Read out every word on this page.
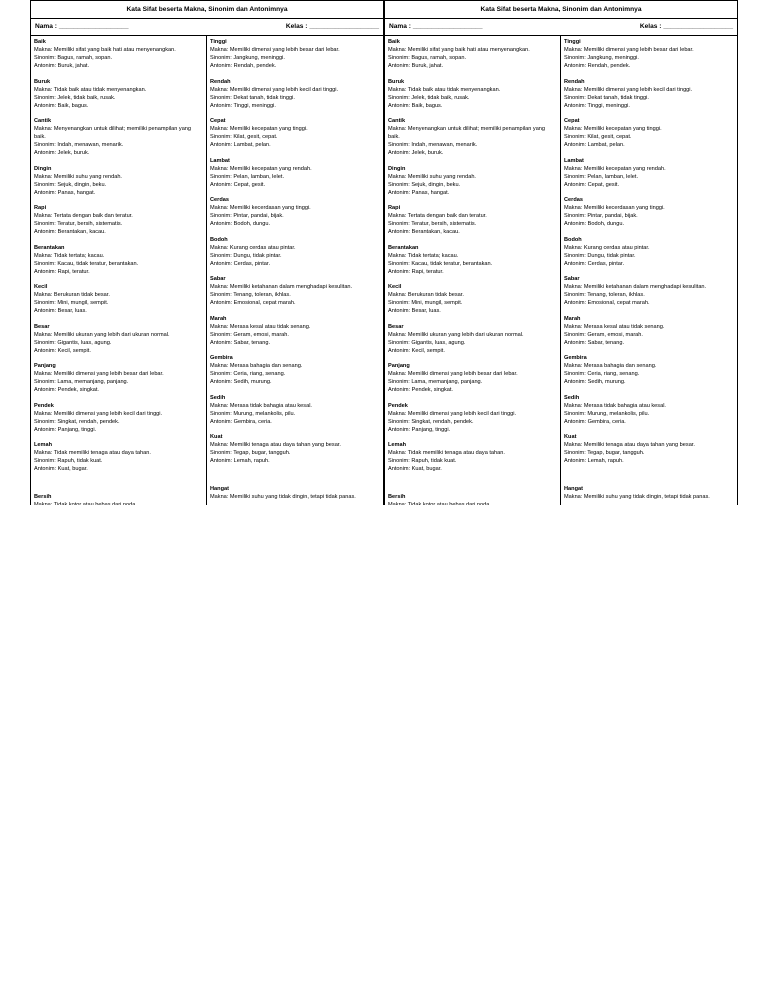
Kata Sifat beserta Makna, Sinonim dan Antonimnya
Nama : ___________________	Kelas : ___________________
Baik
Makna: Memiliki sifat yang baik hati atau menyenangkan.
Sinonim: Bagus, ramah, sopan.
Antonim: Buruk, jahat.
Buruk
Makna: Tidak baik atau tidak menyenangkan.
Sinonim: Jelek, tidak baik, rusak.
Antonim: Baik, bagus.
Cantik
Makna: Menyenangkan untuk dilihat; memiliki penampilan yang baik.
Sinonim: Indah, menawan, menarik.
Antonim: Jelek, buruk.
Dingin
Makna: Memiliki suhu yang rendah.
Sinonim: Sejuk, dingin, beku.
Antonim: Panas, hangat.
Rapi
Makna: Tertata dengan baik dan teratur.
Sinonim: Teratur, bersih, sistematis.
Antonim: Berantakan, kacau.
Berantakan
Makna: Tidak tertata; kacau.
Sinonim: Kacau, tidak teratur, berantakan.
Antonim: Rapi, teratur.
Kecil
Makna: Berukuran tidak besar.
Sinonim: Mini, mungil, sempit.
Antonim: Besar, luas.
Besar
Makna: Memiliki ukuran yang lebih dari ukuran normal.
Sinonim: Gigantis, luas, agung.
Antonim: Kecil, sempit.
Panjang
Makna: Memiliki dimensi yang lebih besar dari lebar.
Sinonim: Lama, memanjang, panjang.
Antonim: Pendek, singkat.
Pendek
Makna: Memiliki dimensi yang lebih kecil dari tinggi.
Sinonim: Singkat, rendah, pendek.
Antonim: Panjang, tinggi.
Lemah
Makna: Tidak memiliki tenaga atau daya tahan.
Sinonim: Rapuh, tidak kuat.
Antonim: Kuat, bugar.
Bersih
Makna: Tidak kotor atau bebas dari noda.
Tinggi
Makna: Memiliki dimensi yang lebih besar dari lebar.
Sinonim: Jangkung, meninggi.
Antonim: Rendah, pendek.
Rendah
Makna: Memiliki dimensi yang lebih kecil dari tinggi.
Sinonim: Dekat tanah, tidak tinggi.
Antonim: Tinggi, meninggi.
Cepat
Makna: Memiliki kecepatan yang tinggi.
Sinonim: Kilat, gesit, cepat.
Antonim: Lambat, pelan.
Lambat
Makna: Memiliki kecepatan yang rendah.
Sinonim: Pelan, lamban, lelet.
Antonim: Cepat, gesit.
Cerdas
Makna: Memiliki kecerdasan yang tinggi.
Sinonim: Pintar, pandai, bijak.
Antonim: Bodoh, dungu.
Bodoh
Makna: Kurang cerdas atau pintar.
Sinonim: Dungu, tidak pintar.
Antonim: Cerdas, pintar.
Sabar
Makna: Memiliki ketahanan dalam menghadapi kesulitan.
Sinonim: Tenang, toleran, ikhlas.
Antonim: Emosional, cepat marah.
Marah
Makna: Merasa kesal atau tidak senang.
Sinonim: Geram, emosi, marah.
Antonim: Sabar, tenang.
Gembira
Makna: Merasa bahagia dan senang.
Sinonim: Ceria, riang, senang.
Antonim: Sedih, murung.
Sedih
Makna: Merasa tidak bahagia atau kesal.
Sinonim: Murung, melankolis, pilu.
Antonim: Gembira, ceria.
Kuat
Makna: Memiliki tenaga atau daya tahan yang besar.
Sinonim: Tegap, bugar, tangguh.
Antonim: Lemah, rapuh.
Hangat
Makna: Memiliki suhu yang tidak dingin, tetapi tidak panas.
Kata Sifat beserta Makna, Sinonim dan Antonimnya
Nama : ___________________	Kelas : ___________________
Baik
Makna: Memiliki sifat yang baik hati atau menyenangkan.
Sinonim: Bagus, ramah, sopan.
Antonim: Buruk, jahat.
Buruk
Makna: Tidak baik atau tidak menyenangkan.
Sinonim: Jelek, tidak baik, rusak.
Antonim: Baik, bagus.
Cantik
Makna: Menyenangkan untuk dilihat; memiliki penampilan yang baik.
Sinonim: Indah, menawan, menarik.
Antonim: Jelek, buruk.
Dingin
Makna: Memiliki suhu yang rendah.
Sinonim: Sejuk, dingin, beku.
Antonim: Panas, hangat.
Rapi
Makna: Tertata dengan baik dan teratur.
Sinonim: Teratur, bersih, sistematis.
Antonim: Berantakan, kacau.
Berantakan
Makna: Tidak tertata; kacau.
Sinonim: Kacau, tidak teratur, berantakan.
Antonim: Rapi, teratur.
Kecil
Makna: Berukuran tidak besar.
Sinonim: Mini, mungil, sempit.
Antonim: Besar, luas.
Besar
Makna: Memiliki ukuran yang lebih dari ukuran normal.
Sinonim: Gigantis, luas, agung.
Antonim: Kecil, sempit.
Panjang
Makna: Memiliki dimensi yang lebih besar dari lebar.
Sinonim: Lama, memanjang, panjang.
Antonim: Pendek, singkat.
Pendek
Makna: Memiliki dimensi yang lebih kecil dari tinggi.
Sinonim: Singkat, rendah, pendek.
Antonim: Panjang, tinggi.
Lemah
Makna: Tidak memiliki tenaga atau daya tahan.
Sinonim: Rapuh, tidak kuat.
Antonim: Kuat, bugar.
Bersih
Makna: Tidak kotor atau bebas dari noda.
Tinggi
Makna: Memiliki dimensi yang lebih besar dari lebar.
Sinonim: Jangkung, meninggi.
Antonim: Rendah, pendek.
Rendah
Makna: Memiliki dimensi yang lebih kecil dari tinggi.
Sinonim: Dekat tanah, tidak tinggi.
Antonim: Tinggi, meninggi.
Cepat
Makna: Memiliki kecepatan yang tinggi.
Sinonim: Kilat, gesit, cepat.
Antonim: Lambat, pelan.
Lambat
Makna: Memiliki kecepatan yang rendah.
Sinonim: Pelan, lamban, lelet.
Antonim: Cepat, gesit.
Cerdas
Makna: Memiliki kecerdasan yang tinggi.
Sinonim: Pintar, pandai, bijak.
Antonim: Bodoh, dungu.
Bodoh
Makna: Kurang cerdas atau pintar.
Sinonim: Dungu, tidak pintar.
Antonim: Cerdas, pintar.
Sabar
Makna: Memiliki ketahanan dalam menghadapi kesulitan.
Sinonim: Tenang, toleran, ikhlas.
Antonim: Emosional, cepat marah.
Marah
Makna: Merasa kesal atau tidak senang.
Sinonim: Geram, emosi, marah.
Antonim: Sabar, tenang.
Gembira
Makna: Merasa bahagia dan senang.
Sinonim: Ceria, riang, senang.
Antonim: Sedih, murung.
Sedih
Makna: Merasa tidak bahagia atau kesal.
Sinonim: Murung, melankolis, pilu.
Antonim: Gembira, ceria.
Kuat
Makna: Memiliki tenaga atau daya tahan yang besar.
Sinonim: Tegap, bugar, tangguh.
Antonim: Lemah, rapuh.
Hangat
Makna: Memiliki suhu yang tidak dingin, tetapi tidak panas.
